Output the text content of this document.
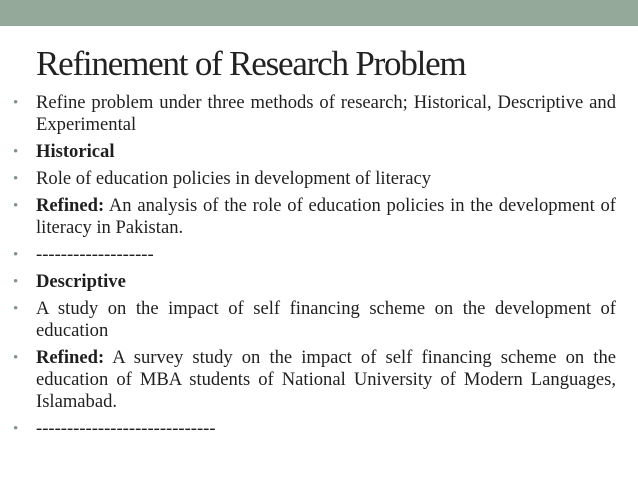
Refinement of Research Problem
• Refine problem under three methods of research; Historical, Descriptive and Experimental
• Historical
• Role of education policies in development of literacy
• Refined: An analysis of the role of education policies in the development of literacy in Pakistan.
• -------------------
• Descriptive
• A study on the impact of self financing scheme on the development of education
• Refined: A survey study on the impact of self financing scheme on the education of MBA students of National University of Modern Languages, Islamabad.
• -----------------------------
